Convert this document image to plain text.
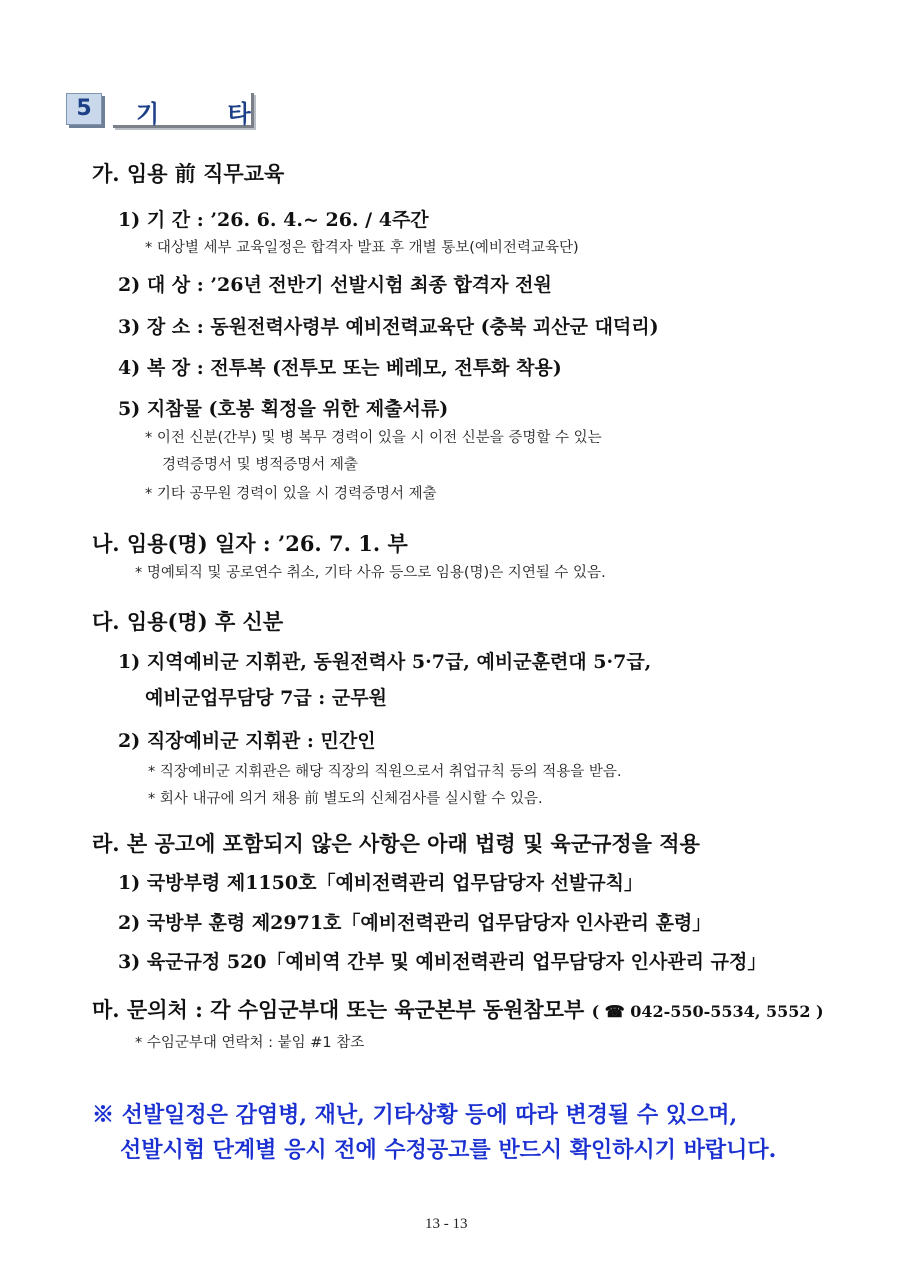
5	기 타
가. 임용 前 직무교육
1) 기 간 : ’26. 6. 4.~ 26. / 4주간
* 대상별 세부 교육일정은 합격자 발표 후 개별 통보(예비전력교육단)
2) 대 상 : ’26년 전반기 선발시험 최종 합격자 전원
3) 장 소 : 동원전력사령부 예비전력교육단 (충북 괴산군 대덕리)
4) 복 장 : 전투복 (전투모 또는 베레모, 전투화 착용)
5) 지참물 (호봉 획정을 위한 제출서류)
* 이전 신분(간부) 및 병 복무 경력이 있을 시 이전 신분을 증명할 수 있는
경력증명서 및 병적증명서 제출
* 기타 공무원 경력이 있을 시 경력증명서 제출
나. 임용(명) 일자 : ’26. 7. 1. 부
* 명예퇴직 및 공로연수 취소, 기타 사유 등으로 임용(명)은 지연될 수 있음.
다. 임용(명) 후 신분
1) 지역예비군 지휘관, 동원전력사 5·7급, 예비군훈련대 5·7급,
예비군업무담당 7급 : 군무원
2) 직장예비군 지휘관 : 민간인
* 직장예비군 지휘관은 해당 직장의 직원으로서 취업규칙 등의 적용을 받음.
* 회사 내규에 의거 채용 前 별도의 신체검사를 실시할 수 있음.
라. 본 공고에 포함되지 않은 사항은 아래 법령 및 육군규정을 적용
1) 국방부령 제1150호「예비전력관리 업무담당자 선발규칙」
2) 국방부 훈령 제2971호「예비전력관리 업무담당자 인사관리 훈령」
3) 육군규정 520「예비역 간부 및 예비전력관리 업무담당자 인사관리 규정」
마. 문의처 : 각 수임군부대 또는 육군본부 동원참모부 ( ☎ 042-550-5534, 5552 )
* 수임군부대 연락처 : 붙임 #1 참조
※ 선발일정은 감염병, 재난, 기타상황 등에 따라 변경될 수 있으며,
선발시험 단계별 응시 전에 수정공고를 반드시 확인하시기 바랍니다.
13 - 13
